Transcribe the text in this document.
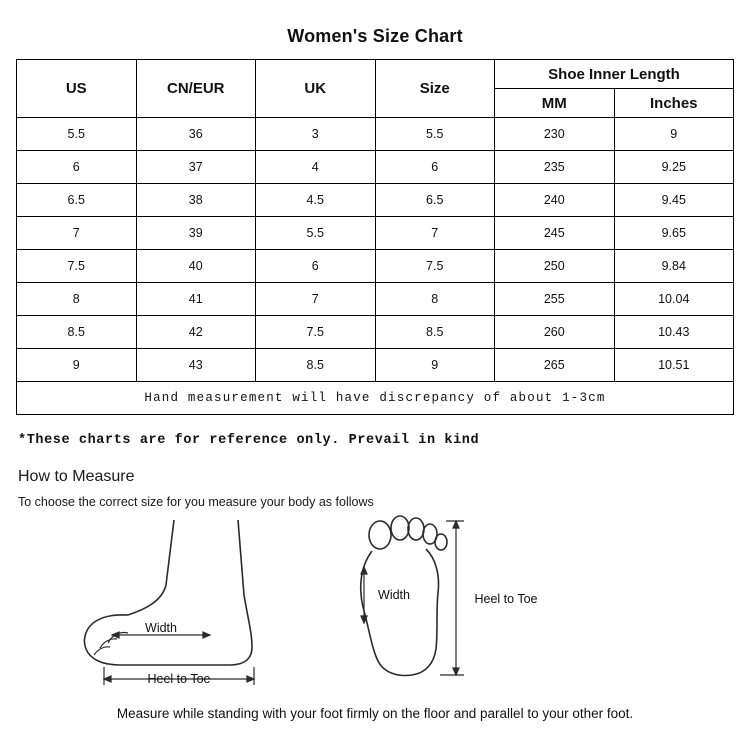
Women's Size Chart
US	CN/EUR	UK	Size	Shoe Inner Length	
				MM	Inches
5.5	36	3	5.5	230	9
6	37	4	6	235	9.25
6.5	38	4.5	6.5	240	9.45
7	39	5.5	7	245	9.65
7.5	40	6	7.5	250	9.84
8	41	7	8	255	10.04
8.5	42	7.5	8.5	260	10.43
9	43	8.5	9	265	10.51
Hand measurement will have discrepancy of about 1-3cm					
*These charts are for reference only. Prevail in kind
How to Measure
To choose the correct size for you measure your body as follows
Width
Heel to Toe
Width	Heel to Toe
Measure while standing with your foot firmly on the floor and parallel to your other foot.
